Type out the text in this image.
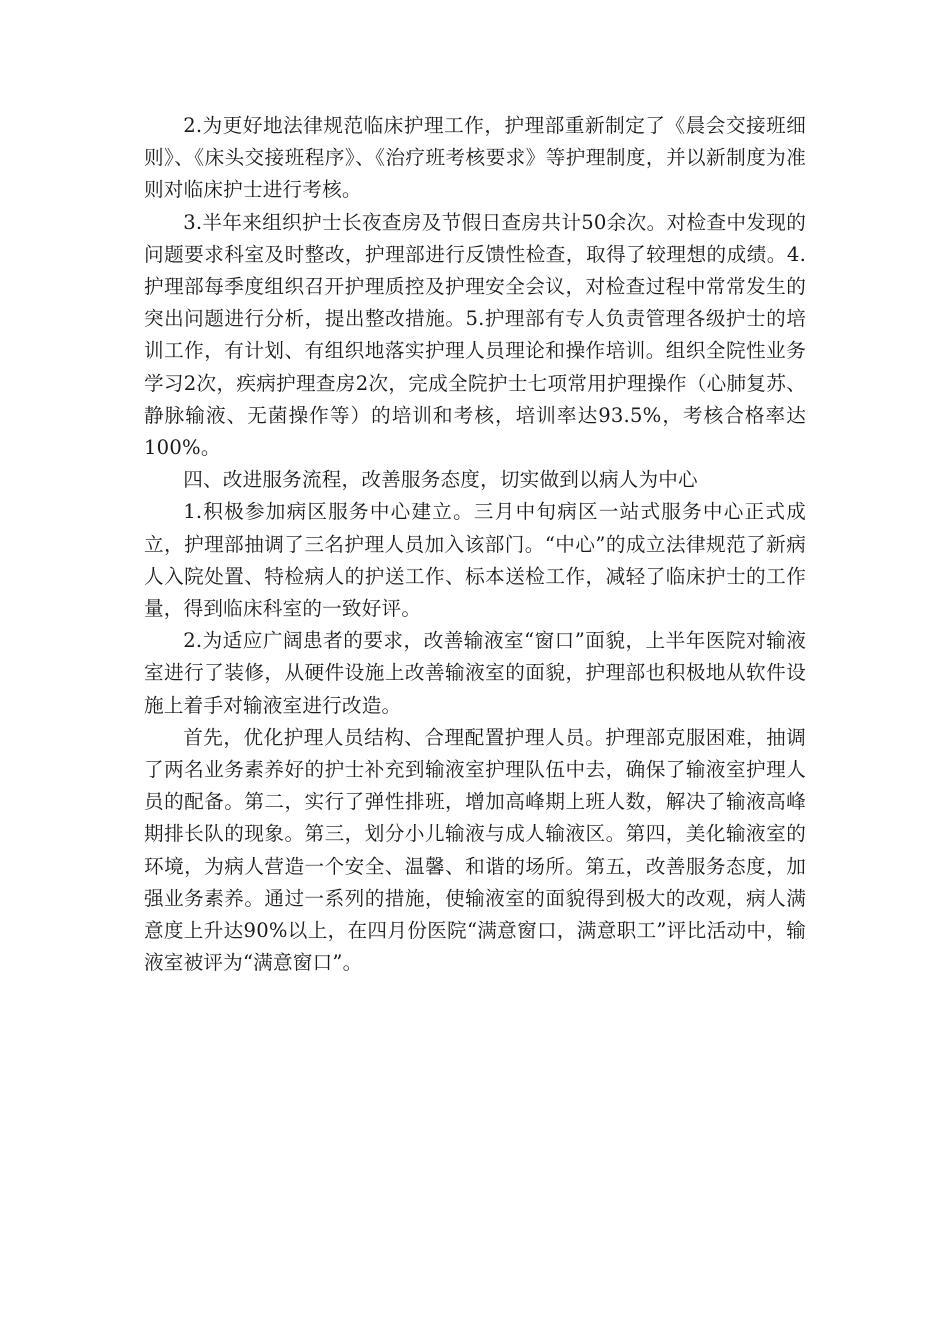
2.为更好地法律规范临床护理工作，护理部重新制定了《晨会交接班细则》、《床头交接班程序》、《治疗班考核要求》等护理制度，并以新制度为准则对临床护士进行考核。

3.半年来组织护士长夜查房及节假日查房共计50余次。对检查中发现的问题要求科室及时整改，护理部进行反馈性检查，取得了较理想的成绩。4.护理部每季度组织召开护理质控及护理安全会议，对检查过程中常常发生的突出问题进行分析，提出整改措施。5.护理部有专人负责管理各级护士的培训工作，有计划、有组织地落实护理人员理论和操作培训。组织全院性业务学习2次，疾病护理查房2次，完成全院护士七项常用护理操作（心肺复苏、静脉输液、无菌操作等）的培训和考核，培训率达93.5%，考核合格率达100%。

四、改进服务流程，改善服务态度，切实做到以病人为中心

1.积极参加病区服务中心建立。三月中旬病区一站式服务中心正式成立，护理部抽调了三名护理人员加入该部门。“中心”的成立法律规范了新病人入院处置、特检病人的护送工作、标本送检工作，减轻了临床护士的工作量，得到临床科室的一致好评。

2.为适应广阔患者的要求，改善输液室“窗口”面貌，上半年医院对输液室进行了装修，从硬件设施上改善输液室的面貌，护理部也积极地从软件设施上着手对输液室进行改造。

首先，优化护理人员结构、合理配置护理人员。护理部克服困难，抽调了两名业务素养好的护士补充到输液室护理队伍中去，确保了输液室护理人员的配备。第二，实行了弹性排班，增加高峰期上班人数，解决了输液高峰期排长队的现象。第三，划分小儿输液与成人输液区。第四，美化输液室的环境，为病人营造一个安全、温馨、和谐的场所。第五，改善服务态度，加强业务素养。通过一系列的措施，使输液室的面貌得到极大的改观，病人满意度上升达90%以上，在四月份医院“满意窗口，满意职工”评比活动中，输液室被评为“满意窗口”。
